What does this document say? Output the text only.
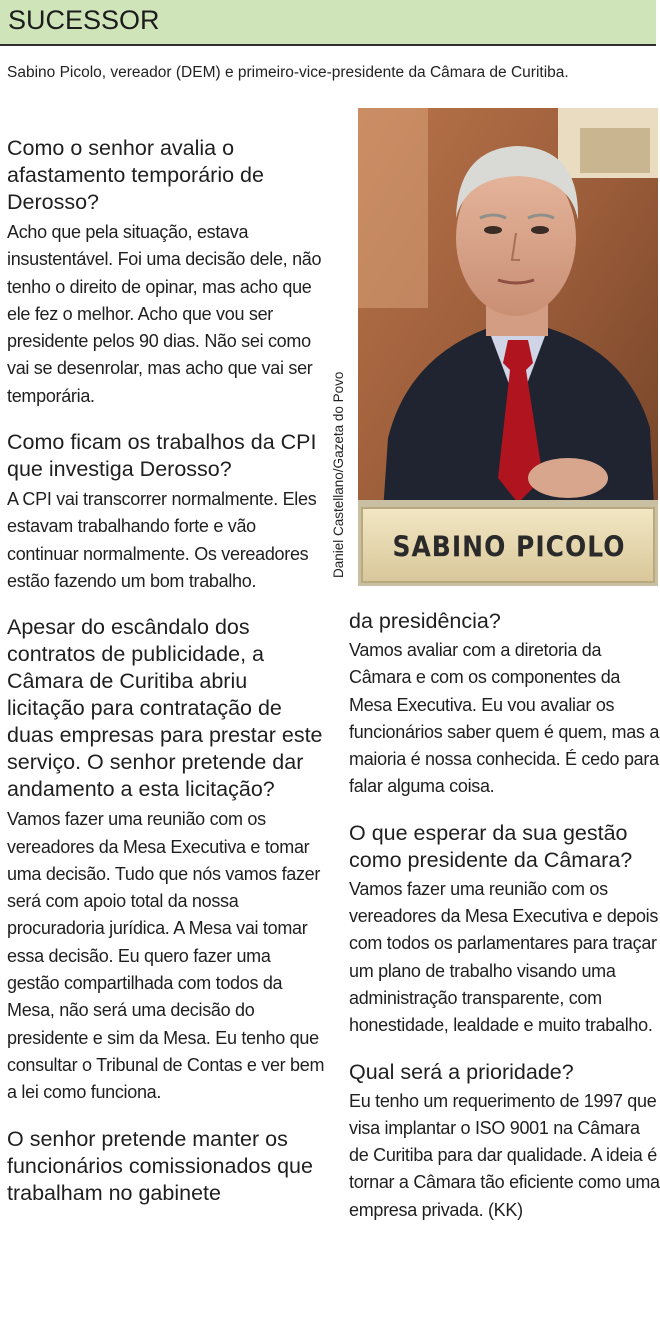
SUCESSOR
Sabino Picolo, vereador (DEM) e primeiro-vice-presidente da Câmara de Curitiba.

Como o senhor avalia o afastamento temporário de Derosso?

Acho que pela situação, estava insustentável. Foi uma decisão dele, não tenho o direito de opinar, mas acho que ele fez o melhor. Acho que vou ser presidente pelos 90 dias. Não sei como vai se desenrolar, mas acho que vai ser temporária.

Como ficam os trabalhos da CPI que investiga Derosso?

A CPI vai transcorrer normalmente. Eles estavam trabalhando forte e vão continuar normalmente. Os vereadores estão fazendo um bom trabalho.

Apesar do escândalo dos contratos de publicidade, a Câmara de Curitiba abriu licitação para contratação de duas empresas para prestar este serviço. O senhor pretende dar andamento a esta licitação?

Vamos fazer uma reunião com os vereadores da Mesa Executiva e tomar uma decisão. Tudo que nós vamos fazer será com apoio total da nossa procuradoria jurídica. A Mesa vai tomar essa decisão. Eu quero fazer uma gestão compartilhada com todos da Mesa, não será uma decisão do presidente e sim da Mesa. Eu tenho que consultar o Tribunal de Contas e ver bem a lei como funciona.

O senhor pretende manter os funcionários comissionados que trabalham no gabinete

SABINO PICOLO
Daniel Castellano/Gazeta do Povo

da presidência?

Vamos avaliar com a diretoria da Câmara e com os componentes da Mesa Executiva. Eu vou avaliar os funcionários saber quem é quem, mas a maioria é nossa conhecida. É cedo para falar alguma coisa.

O que esperar da sua gestão como presidente da Câmara?

Vamos fazer uma reunião com os vereadores da Mesa Executiva e depois com todos os parlamentares para traçar um plano de trabalho visando uma administração transparente, com honestidade, lealdade e muito trabalho.

Qual será a prioridade?

Eu tenho um requerimento de 1997 que visa implantar o ISO 9001 na Câmara de Curitiba para dar qualidade. A ideia é tornar a Câmara tão eficiente como uma empresa privada. (KK)
